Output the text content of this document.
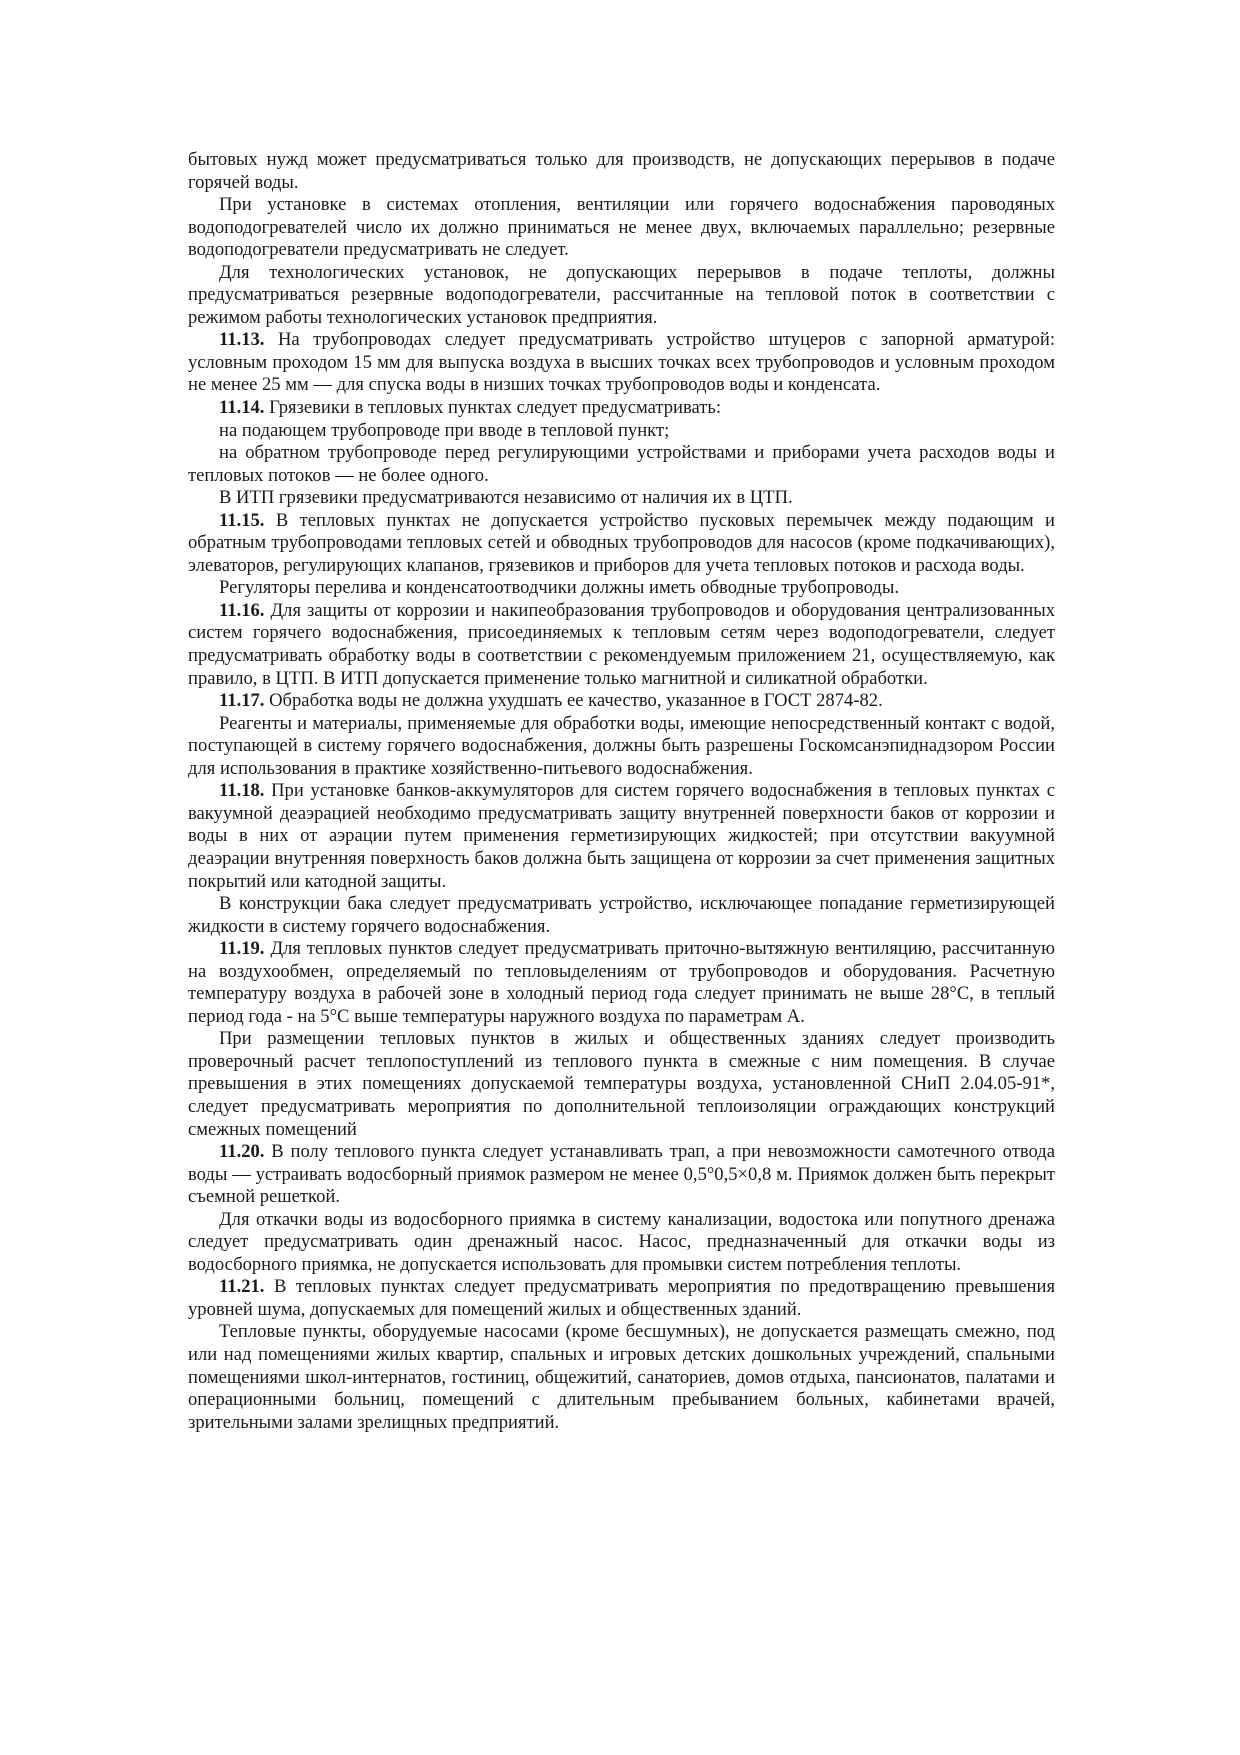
бытовых нужд может предусматриваться только для производств, не допускающих перерывов в подаче горячей воды.

При установке в системах отопления, вентиляции или горячего водоснабжения пароводяных водоподогревателей число их должно приниматься не менее двух, включаемых параллельно; резервные водоподогреватели предусматривать не следует.

Для технологических установок, не допускающих перерывов в подаче теплоты, должны предусматриваться резервные водоподогреватели, рассчитанные на тепловой поток в соответствии с режимом работы технологических установок предприятия.

11.13. На трубопроводах следует предусматривать устройство штуцеров с запорной арматурой: условным проходом 15 мм для выпуска воздуха в высших точках всех трубопроводов и условным проходом не менее 25 мм — для спуска воды в низших точках трубопроводов воды и конденсата.

11.14. Грязевики в тепловых пунктах следует предусматривать:

на подающем трубопроводе при вводе в тепловой пункт;

на обратном трубопроводе перед регулирующими устройствами и приборами учета расходов воды и тепловых потоков — не более одного.

В ИТП грязевики предусматриваются независимо от наличия их в ЦТП.

11.15. В тепловых пунктах не допускается устройство пусковых перемычек между подающим и обратным трубопроводами тепловых сетей и обводных трубопроводов для насосов (кроме подкачивающих), элеваторов, регулирующих клапанов, грязевиков и приборов для учета тепловых потоков и расхода воды.

Регуляторы перелива и конденсатоотводчики должны иметь обводные трубопроводы.

11.16. Для защиты от коррозии и накипеобразования трубопроводов и оборудования централизованных систем горячего водоснабжения, присоединяемых к тепловым сетям через водоподогреватели, следует предусматривать обработку воды в соответствии с рекомендуемым приложением 21, осуществляемую, как правило, в ЦТП. В ИТП допускается применение только магнитной и силикатной обработки.

11.17. Обработка воды не должна ухудшать ее качество, указанное в ГОСТ 2874-82.

Реагенты и материалы, применяемые для обработки воды, имеющие непосредственный контакт с водой, поступающей в систему горячего водоснабжения, должны быть разрешены Госкомсанэпиднадзором России для использования в практике хозяйственно-питьевого водоснабжения.

11.18. При установке банков-аккумуляторов для систем горячего водоснабжения в тепловых пунктах с вакуумной деаэрацией необходимо предусматривать защиту внутренней поверхности баков от коррозии и воды в них от аэрации путем применения герметизирующих жидкостей; при отсутствии вакуумной деаэрации внутренняя поверхность баков должна быть защищена от коррозии за счет применения защитных покрытий или катодной защиты.

В конструкции бака следует предусматривать устройство, исключающее попадание герметизирующей жидкости в систему горячего водоснабжения.

11.19. Для тепловых пунктов следует предусматривать приточно-вытяжную вентиляцию, рассчитанную на воздухообмен, определяемый по тепловыделениям от трубопроводов и оборудования. Расчетную температуру воздуха в рабочей зоне в холодный период года следует принимать не выше 28°С, в теплый период года - на 5°С выше температуры наружного воздуха по параметрам А.

При размещении тепловых пунктов в жилых и общественных зданиях следует производить проверочный расчет теплопоступлений из теплового пункта в смежные с ним помещения. В случае превышения в этих помещениях допускаемой температуры воздуха, установленной СНиП 2.04.05-91*, следует предусматривать мероприятия по дополнительной теплоизоляции ограждающих конструкций смежных помещений

11.20. В полу теплового пункта следует устанавливать трап, а при невозможности самотечного отвода воды — устраивать водосборный приямок размером не менее 0,5°0,5×0,8 м. Приямок должен быть перекрыт съемной решеткой.

Для откачки воды из водосборного приямка в систему канализации, водостока или попутного дренажа следует предусматривать один дренажный насос. Насос, предназначенный для откачки воды из водосборного приямка, не допускается использовать для промывки систем потребления теплоты.

11.21. В тепловых пунктах следует предусматривать мероприятия по предотвращению превышения уровней шума, допускаемых для помещений жилых и общественных зданий.

Тепловые пункты, оборудуемые насосами (кроме бесшумных), не допускается размещать смежно, под или над помещениями жилых квартир, спальных и игровых детских дошкольных учреждений, спальными помещениями школ-интернатов, гостиниц, общежитий, санаториев, домов отдыха, пансионатов, палатами и операционными больниц, помещений с длительным пребыванием больных, кабинетами врачей, зрительными залами зрелищных предприятий.
